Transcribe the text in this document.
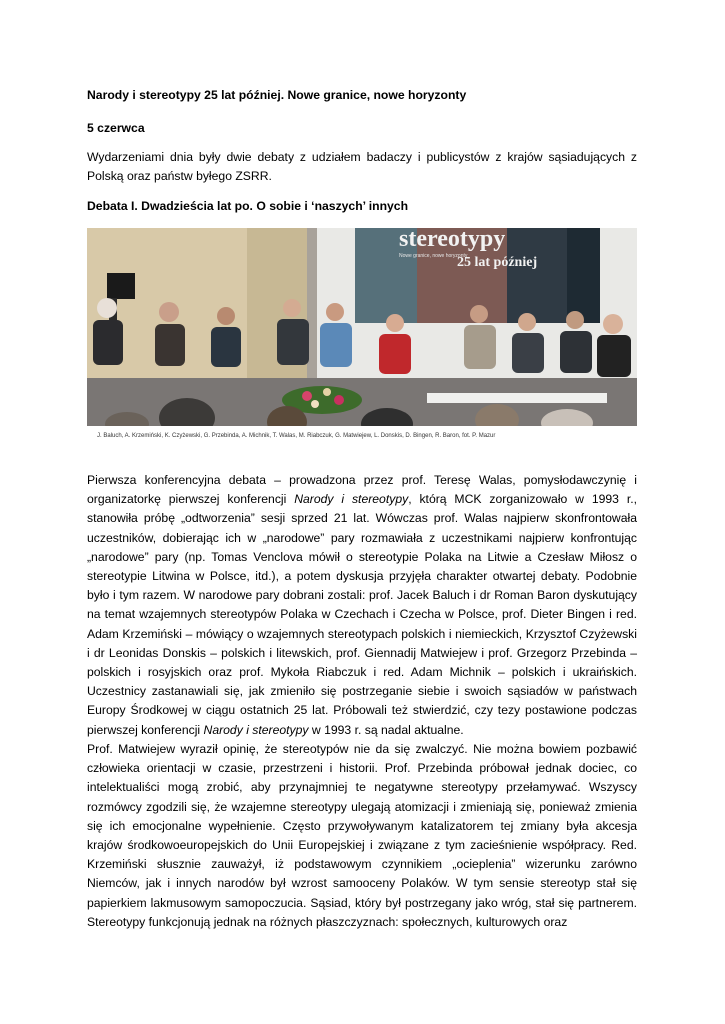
Narody i stereotypy 25 lat później. Nowe granice, nowe horyzonty
5 czerwca

Wydarzeniami dnia były dwie debaty z udziałem badaczy i publicystów z krajów sąsiadujących z Polską oraz państw byłego ZSRR.

Debata I. Dwadzieścia lat po. O sobie i ‘naszych’ innych
stereotypy
Nowe granice, nowe horyzonty
25 lat później
J. Baluch, A. Krzemiński, K. Czyżewski, G. Przebinda, A. Michnik, T. Walas, M. Riabczuk, G. Matwiejew, L. Donskis, D. Bingen, R. Baron, fot. P. Mazur

Pierwsza konferencyjna debata – prowadzona przez prof. Teresę Walas, pomysłodawczynię i organizatorkę pierwszej konferencji Narody i stereotypy, którą MCK zorganizowało w 1993 r., stanowiła próbę „odtworzenia” sesji sprzed 21 lat. Wówczas prof. Walas najpierw skonfrontowała uczestników, dobierając ich w „narodowe” pary rozmawiała z uczestnikami najpierw konfrontując „narodowe” pary (np. Tomas Venclova mówił o stereotypie Polaka na Litwie a Czesław Miłosz o stereotypie Litwina w Polsce, itd.), a potem dyskusja przyjęła charakter otwartej debaty. Podobnie było i tym razem. W narodowe pary dobrani zostali: prof. Jacek Baluch i dr Roman Baron dyskutujący na temat wzajemnych stereotypów Polaka w Czechach i Czecha w Polsce, prof. Dieter Bingen i red. Adam Krzemiński – mówiący o wzajemnych stereotypach polskich i niemieckich, Krzysztof Czyżewski i dr Leonidas Donskis – polskich i litewskich, prof. Giennadij Matwiejew i prof. Grzegorz Przebinda – polskich i rosyjskich oraz prof. Mykoła Riabczuk i red. Adam Michnik – polskich i ukraińskich. Uczestnicy zastanawiali się, jak zmieniło się postrzeganie siebie i swoich sąsiadów w państwach Europy Środkowej w ciągu ostatnich 25 lat. Próbowali też stwierdzić, czy tezy postawione podczas pierwszej konferencji Narody i stereotypy w 1993 r. są nadal aktualne.

Prof. Matwiejew wyraził opinię, że stereotypów nie da się zwalczyć. Nie można bowiem pozbawić człowieka orientacji w czasie, przestrzeni i historii. Prof. Przebinda próbował jednak dociec, co intelektualiści mogą zrobić, aby przynajmniej te negatywne stereotypy przełamywać. Wszyscy rozmówcy zgodzili się, że wzajemne stereotypy ulegają atomizacji i zmieniają się, ponieważ zmienia się ich emocjonalne wypełnienie. Często przywoływanym katalizatorem tej zmiany była akcesja krajów środkowoeuropejskich do Unii Europejskiej i związane z tym zacieśnienie współpracy. Red. Krzemiński słusznie zauważył, iż podstawowym czynnikiem „ocieplenia” wizerunku zarówno Niemców, jak i innych narodów był wzrost samooceny Polaków. W tym sensie stereotyp stał się papierkiem lakmusowym samopoczucia. Sąsiad, który był postrzegany jako wróg, stał się partnerem. Stereotypy funkcjonują jednak na różnych płaszczyznach: społecznych, kulturowych oraz
